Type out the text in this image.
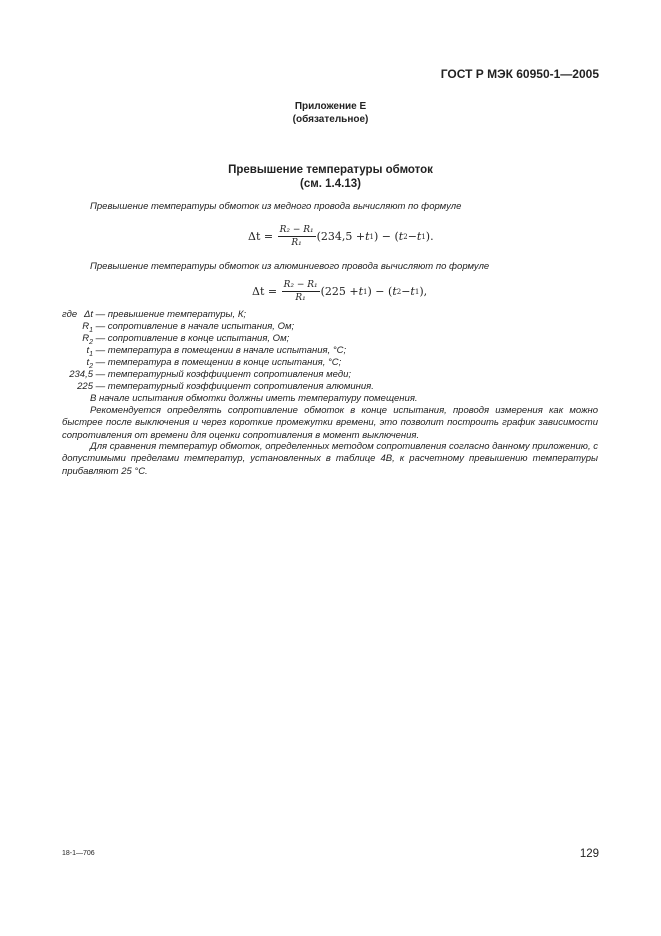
ГОСТ Р МЭК 60950-1—2005
Приложение Е
(обязательное)
Превышение температуры обмоток
(см. 1.4.13)
Превышение температуры обмоток из медного провода вычисляют по формуле
Δt =
$\frac{\text{R₂ − R₁}}{\text{R₁}} (234,5 + t$ 1 ) − ( t 2 − t 1 ).
Превышение температуры обмоток из алюминиевого провода вычисляют по формуле
Δt =
$\frac{\text{R₂ − R₁}}{\text{R₁}} (225 + t$ 1 ) − ( t 2 − t 1 ),
где Δt — превышение температуры, К;
$R_1$ — сопротивление в начале испытания, Ом;
$R_2$ — сопротивление в конце испытания, Ом;
$t_1$ — температура в помещении в начале испытания, °С;
$t_2$ — температура в помещении в конце испытания, °С;
234,5 — температурный коэффициент сопротивления меди;
225 — температурный коэффициент сопротивления алюминия.
В начале испытания обмотки должны иметь температуру помещения.
Рекомендуется определять сопротивление обмоток в конце испытания, проводя измерения как можно быстрее после выключения и через короткие промежутки времени, это позволит построить график зависимости сопротивления от времени для оценки сопротивления в момент выключения.
Для сравнения температур обмоток, определенных методом сопротивления согласно данному приложению, с допустимыми пределами температур, установленных в таблице 4В, к расчетному превышению температуры прибавляют 25 °С.
18-1—706	129
